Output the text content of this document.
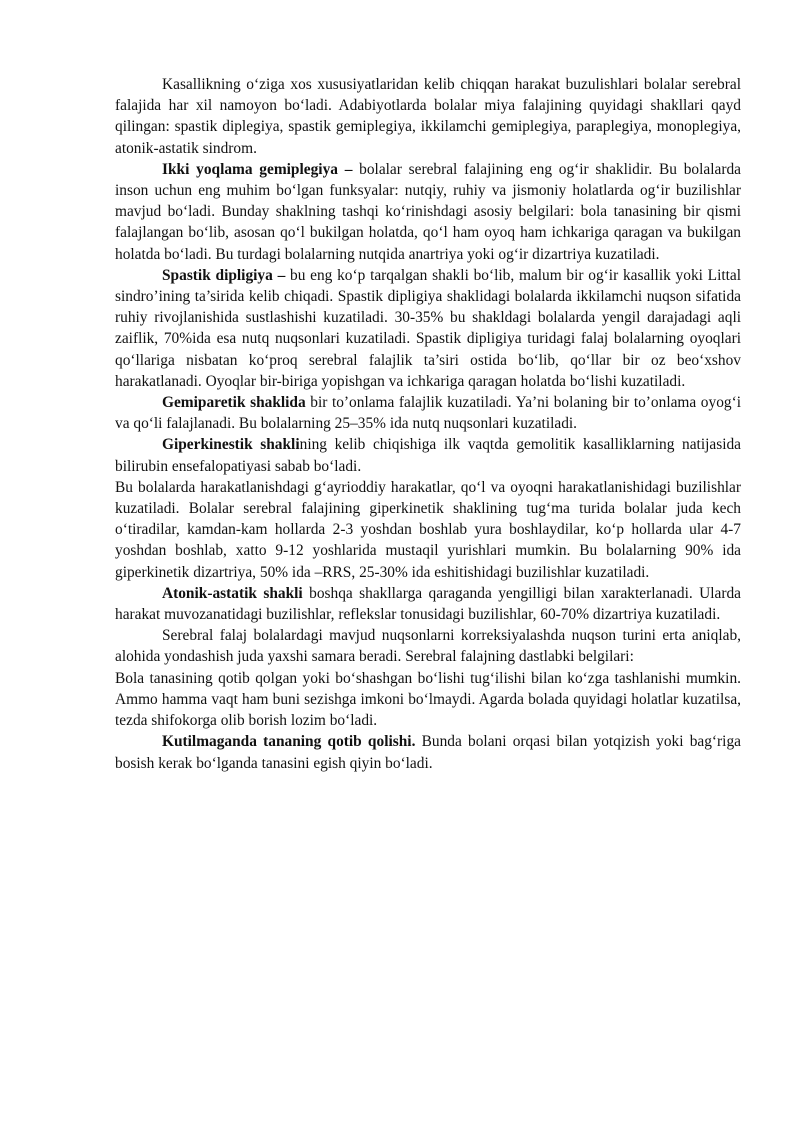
Kasallikning o‘ziga xos xususiyatlaridan kelib chiqqan harakat buzulishlari bolalar serebral falajida har xil namoyon bo‘ladi. Adabiyotlarda bolalar miya falajining quyidagi shakllari qayd qilingan: spastik diplegiya, spastik gemiplegiya, ikkilamchi gemiplegiya, paraplegiya, monoplegiya, atonik-astatik sindrom.

Ikki yoqlama gemiplegiya – bolalar serebral falajining eng og‘ir shaklidir. Bu bolalarda inson uchun eng muhim bo‘lgan funksyalar: nutqiy, ruhiy va jismoniy holatlarda og‘ir buzilishlar mavjud bo‘ladi. Bunday shaklning tashqi ko‘rinishdagi asosiy belgilari: bola tanasining bir qismi falajlangan bo‘lib, asosan qo‘l bukilgan holatda, qo‘l ham oyoq ham ichkariga qaragan va bukilgan holatda bo‘ladi. Bu turdagi bolalarning nutqida anartriya yoki og‘ir dizartriya kuzatiladi.

Spastik dipligiya – bu eng ko‘p tarqalgan shakli bo‘lib, malum bir og‘ir kasallik yoki Littal sindro’ining ta’sirida kelib chiqadi. Spastik dipligiya shaklidagi bolalarda ikkilamchi nuqson sifatida ruhiy rivojlanishida sustlashishi kuzatiladi. 30-35% bu shakldagi bolalarda yengil darajadagi aqli zaiflik, 70%ida esa nutq nuqsonlari kuzatiladi. Spastik dipligiya turidagi falaj bolalarning oyoqlari qo‘llariga nisbatan ko‘proq serebral falajlik ta’siri ostida bo‘lib, qo‘llar bir oz beo‘xshov harakatlanadi. Oyoqlar bir-biriga yopishgan va ichkariga qaragan holatda bo‘lishi kuzatiladi.

Gemiparetik shaklida bir to’onlama falajlik kuzatiladi. Ya’ni bolaning bir to’onlama oyog‘i va qo‘li falajlanadi. Bu bolalarning 25–35% ida nutq nuqsonlari kuzatiladi.

Giperkinestik shaklining kelib chiqishiga ilk vaqtda gemolitik kasalliklarning natijasida bilirubin ensefalopatiyasi sabab bo‘ladi.

Bu bolalarda harakatlanishdagi g‘ayrioddiy harakatlar, qo‘l va oyoqni harakatlanishidagi buzilishlar kuzatiladi. Bolalar serebral falajining giperkinetik shaklining tug‘ma turida bolalar juda kech o‘tiradilar, kamdan-kam hollarda 2-3 yoshdan boshlab yura boshlaydilar, ko‘p hollarda ular 4-7 yoshdan boshlab, xatto 9-12 yoshlarida mustaqil yurishlari mumkin. Bu bolalarning 90% ida giperkinetik dizartriya, 50% ida –RRS, 25-30% ida eshitishidagi buzilishlar kuzatiladi.

Atonik-astatik shakli boshqa shakllarga qaraganda yengilligi bilan xarakterlanadi. Ularda harakat muvozanatidagi buzilishlar, reflekslar tonusidagi buzilishlar, 60-70% dizartriya kuzatiladi.

Serebral falaj bolalardagi mavjud nuqsonlarni korreksiyalashda nuqson turini erta aniqlab, alohida yondashish juda yaxshi samara beradi. Serebral falajning dastlabki belgilari:

Bola tanasining qotib qolgan yoki bo‘shashgan bo‘lishi tug‘ilishi bilan ko‘zga tashlanishi mumkin. Ammo hamma vaqt ham buni sezishga imkoni bo‘lmaydi. Agarda bolada quyidagi holatlar kuzatilsa, tezda shifokorga olib borish lozim bo‘ladi.

Kutilmaganda tananing qotib qolishi. Bunda bolani orqasi bilan yotqizish yoki bag‘riga bosish kerak bo‘lganda tanasini egish qiyin bo‘ladi.
